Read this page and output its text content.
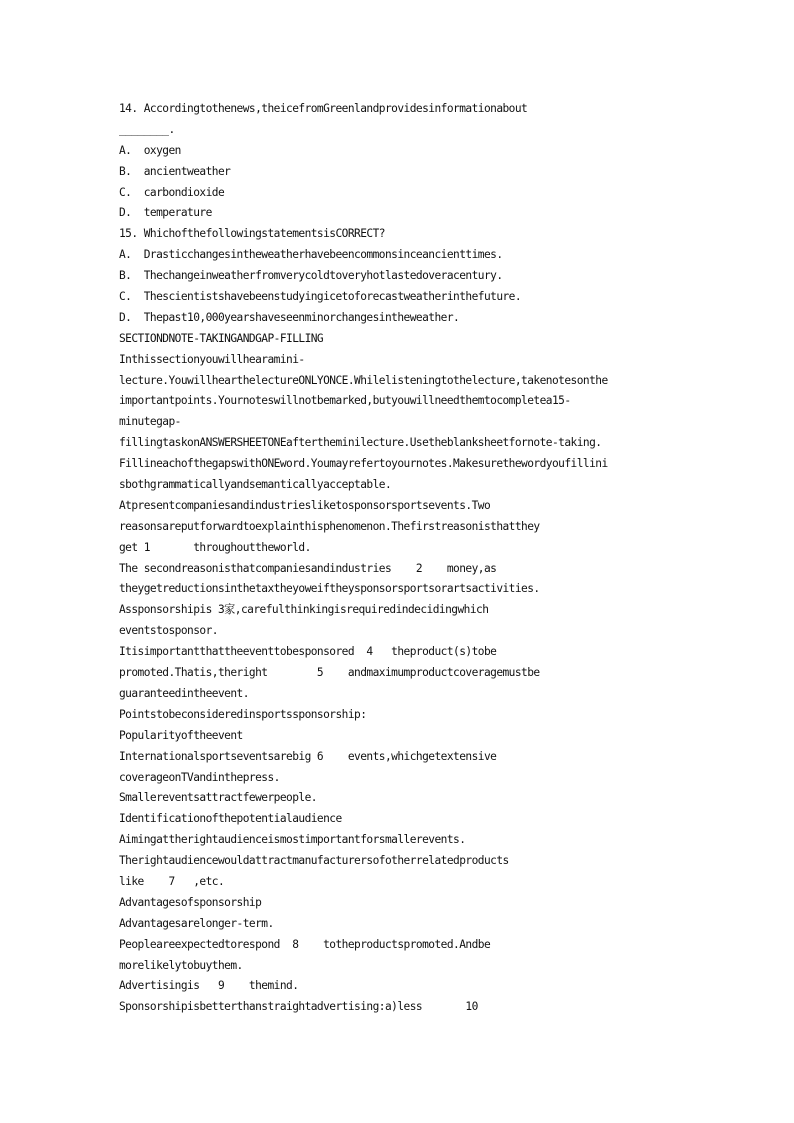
14. Accordingtothenews,theicefromGreenlandprovidesinformationabout
________.
A.  oxygen
B.  ancientweather
C.  carbondioxide
D.  temperature
15. WhichofthefollowingstatementsisCORRECT?
A.  Drasticchangesintheweatherhavebeencommonsinceancienttimes.
B.  Thechangeinweatherfromverycoldtoveryhotlastedoveracentury.
C.  Thescientistshavebeenstudyingicetoforecastweatherinthefuture.
D.  Thepast10,000yearshaveseenminorchangesintheweather.
SECTIONDNOTE-TAKINGANDGAP-FILLING
Inthissectionyouwillhearamini-
lecture.YouwillhearthelectureONLYONCE.Whilelisteningtothelecture,takenotesonthe
importantpoints.Yournoteswillnotbemarked,butyouwillneedthemtocompletea15-
minutegap-
fillingtaskonANSWERSHEETONEaftertheminilecture.Usetheblanksheetfornote-taking.
FillineachofthegapswithONEword.Youmayrefertoyournotes.Makesurethewordyoufillini
sbothgrammaticallyandsemanticallyacceptable.
Atpresentcompaniesandindustriesliketosponsorsportsevents.Two
reasonsareputforwardtoexplainthisphenomenon.Thefirstreasonisthatthey
get 1       throughouttheworld.
The secondreasonisthatcompaniesandindustries    2    money,as
theygetreductionsinthetaxtheyoweiftheysponsorsportsorartsactivities.
Assponsorshipis 3家,carefulthinkingisrequiredindecidingwhich
eventstosponsor.
Itisimportantthattheeventtobesponsored  4   theproduct(s)tobe
promoted.Thatis,theright        5    andmaximumproductcoveragemustbe
guaranteedintheevent.
Pointstobeconsideredinsportssponsorship:
Popularityoftheevent
Internationalsportseventsarebig 6    events,whichgetextensive
coverageonTVandinthepress.
Smallereventsattractfewerpeople.
Identificationofthepotentialaudience
Aimingattherightaudienceismostimportantforsmallerevents.
Therightaudiencewouldattractmanufacturersofotherrelatedproducts
like    7   ,etc.
Advantagesofsponsorship
Advantagesarelonger-term.
Peopleareexpectedtorespond  8    totheproductspromoted.Andbe
morelikelytobuythem.
Advertisingis   9    themind.
Sponsorshipisbetterthanstraightadvertising:a)less       10
